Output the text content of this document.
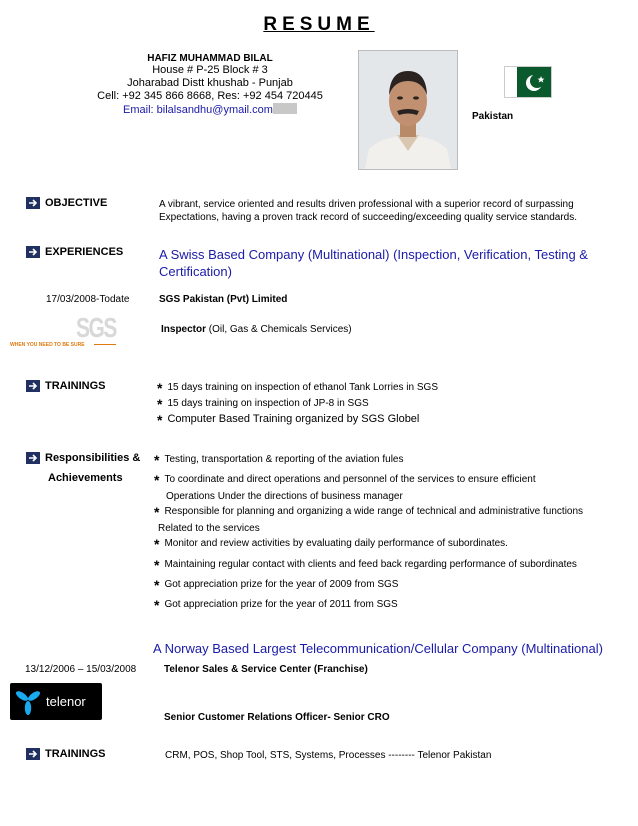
RESUME
HAFIZ MUHAMMAD BILAL
House # P-25 Block # 3
Joharabad Distt khushab - Punjab
Cell: +92 345 866 8668, Res: +92 454 720445
Email: bilalsandhu@ymail.com
Pakistan
OBJECTIVE	A vibrant, service oriented and results driven professional with a superior record of surpassing
Expectations, having a proven track record of succeeding/exceeding quality service standards.
EXPERIENCES	A Swiss Based Company (Multinational) (Inspection, Verification, Testing &
Certification)
17/03/2008-Todate	SGS Pakistan (Pvt) Limited
Inspector (Oil, Gas & Chemicals Services)
SGS
WHEN YOU NEED TO BE SURE
TRAININGS	* 15 days training on inspection of ethanol Tank Lorries in SGS
* 15 days training on inspection of JP-8 in SGS
* Computer Based Training organized by SGS Globel
Responsibilities &
Achievements
* Testing, transportation & reporting of the aviation fules
* To coordinate and direct operations and personnel of the services to ensure efficient
Operations Under the directions of business manager
* Responsible for planning and organizing a wide range of technical and administrative functions
Related to the services
* Monitor and review activities by evaluating daily performance of subordinates.
* Maintaining regular contact with clients and feed back regarding performance of subordinates
* Got appreciation prize for the year of 2009 from SGS
* Got appreciation prize for the year of 2011 from SGS
A Norway Based Largest Telecommunication/Cellular Company (Multinational)
13/12/2006 – 15/03/2008	Telenor Sales & Service Center (Franchise)
telenor
Senior Customer Relations Officer- Senior CRO
TRAININGS	CRM, POS, Shop Tool, STS, Systems, Processes -------- Telenor Pakistan
